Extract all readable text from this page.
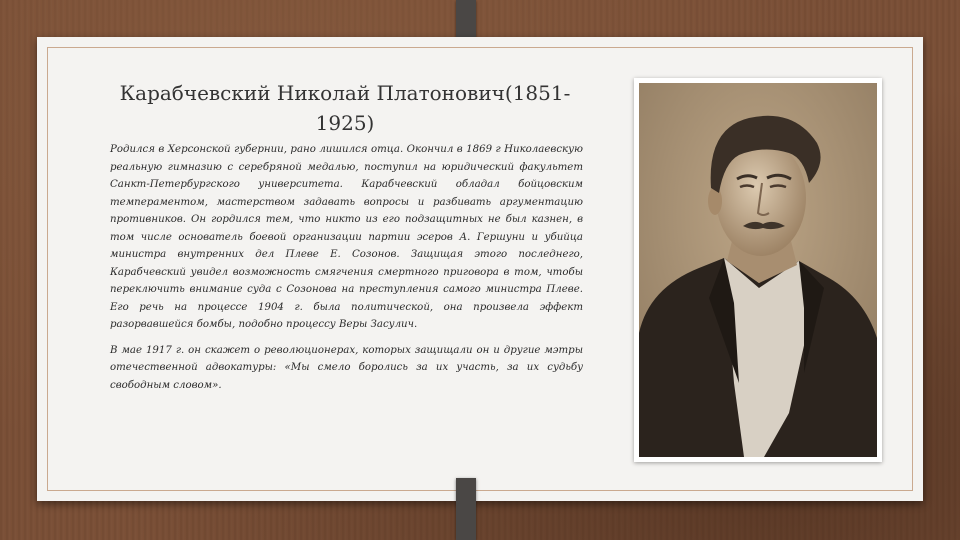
Карабчевский Николай Платонович(1851-
1925)

Родился в Херсонской губернии, рано лишился отца. Окончил в 1869 г Николаевскую реальную гимназию с серебряной медалью, поступил на юридический факультет Санкт-Петербургского университета. Карабчевский обладал бойцовским темпераментом, мастерством задавать вопросы и разбивать аргументацию противников. Он гордился тем, что никто из его подзащитных не был казнен, в том числе основатель боевой организации партии эсеров А. Гершуни и убийца министра внутренних дел Плеве Е. Созонов. Защищая этого последнего, Карабчевский увидел возможность смягчения смертного приговора в том, чтобы переключить внимание суда с Созонова на преступления самого министра Плеве. Его речь на процессе 1904 г. была политической, она произвела эффект разорвавшейся бомбы, подобно процессу Веры Засулич.

В мае 1917 г. он скажет о революционерах, которых защищали он и другие мэтры отечественной адвокатуры: «Мы смело боролись за их участь, за их судьбу свободным словом».
